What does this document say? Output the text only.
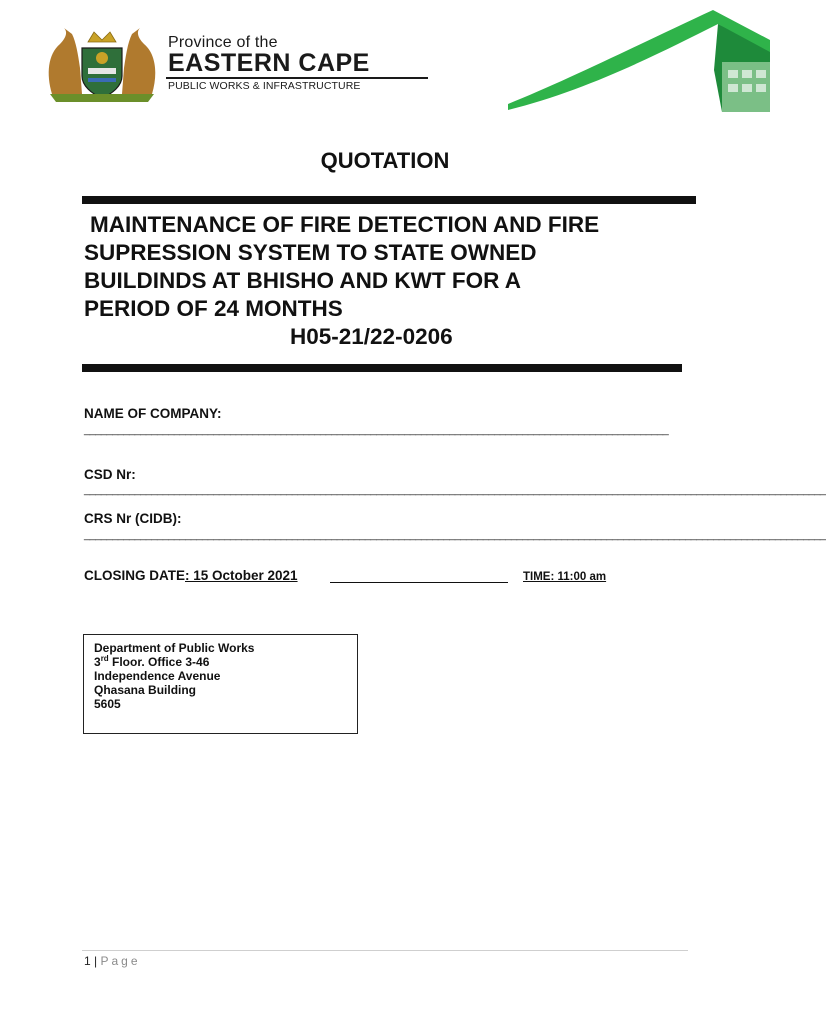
Province of the
EASTERN CAPE
PUBLIC WORKS & INFRASTRUCTURE
QUOTATION
MAINTENANCE OF FIRE DETECTION AND FIRE
SUPRESSION SYSTEM TO STATE OWNED
BUILDINDS AT BHISHO AND KWT FOR A
PERIOD OF 24 MONTHS
H05-21/22-0206
NAME OF COMPANY:
________________________________________________________________________________________________________
CSD Nr:
____________________________________________________________________________________________________________________________________
CRS Nr (CIDB):
____________________________________________________________________________________________________________________________________
CLOSING DATE: 15 October 2021	TIME: 11:00 am
Department of Public Works
3rd Floor. Office 3-46
Independence Avenue
Qhasana Building
5605
1 | Page
